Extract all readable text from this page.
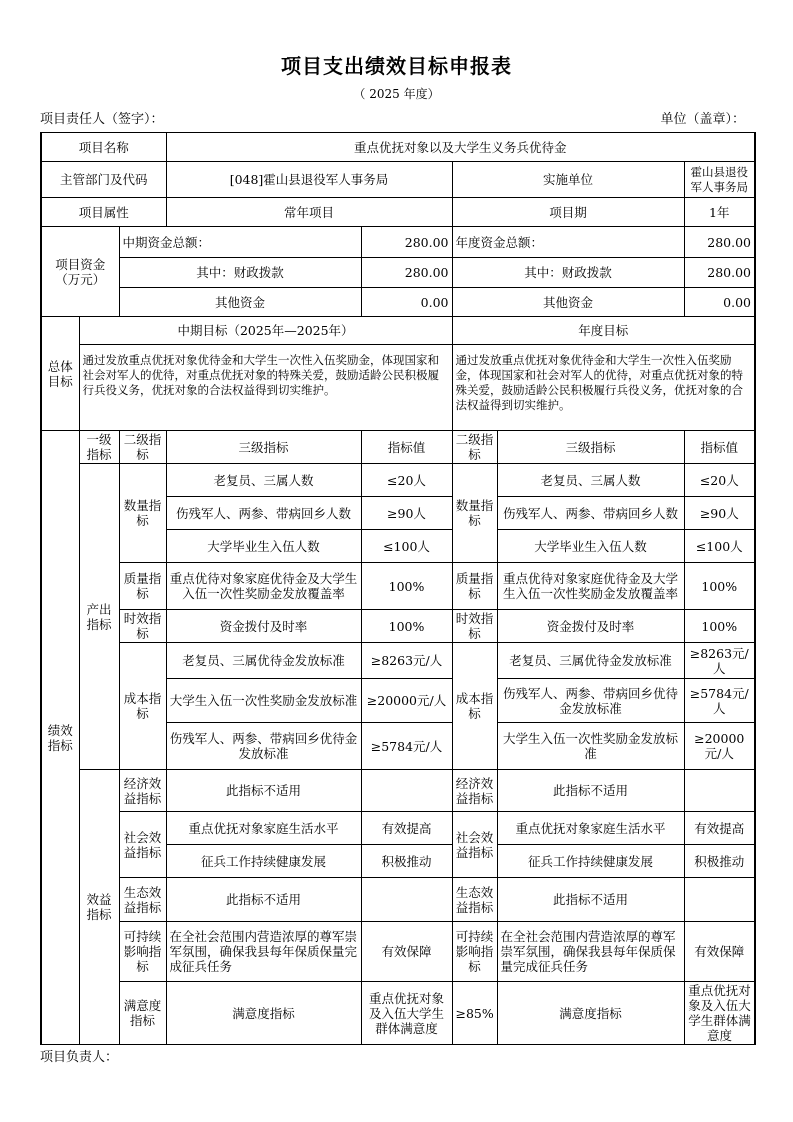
项目支出绩效目标申报表
（ 2025 年度）
项目责任人（签字）：	单位（盖章）：
项目名称			重点优抚对象以及大学生义务兵优待金					
主管部门及代码			[048]霍山县退役军人事务局		实施单位		霍山县退役军人事务局	
项目属性			常年项目		项目期		1年	
项目资金（万元）		中期资金总额：		280.00	年度资金总额：		280.00	
		其中：财政拨款		280.00	其中：财政拨款		280.00	
		其他资金		0.00	其他资金		0.00	
总体目标	中期目标（2025年—2025年）				年度目标			
	通过发放重点优抚对象优待金和大学生一次性入伍奖励金，体现国家和社会对军人的优待，对重点优抚对象的特殊关爱，鼓励适龄公民积极履行兵役义务，优抚对象的合法权益得到切实维护。				通过发放重点优抚对象优待金和大学生一次性入伍奖励金，体现国家和社会对军人的优待，对重点优抚对象的特殊关爱，鼓励适龄公民积极履行兵役义务，优抚对象的合法权益得到切实维护。			
绩效指标	一级指标	二级指标	三级指标	指标值	二级指标	三级指标	指标值	
	产出指标	数量指标	老复员、三属人数	≤20人	数量指标	老复员、三属人数	≤20人	
			伤残军人、两参、带病回乡人数	≥90人		伤残军人、两参、带病回乡人数	≥90人	
			大学毕业生入伍人数	≤100人		大学毕业生入伍人数	≤100人	
		质量指标	重点优待对象家庭优待金及大学生入伍一次性奖励金发放覆盖率	100%	质量指标	重点优待对象家庭优待金及大学生入伍一次性奖励金发放覆盖率	100%	
		时效指标	资金拨付及时率	100%	时效指标	资金拨付及时率	100%	
		成本指标	老复员、三属优待金发放标准	≥8263元/人	成本指标	老复员、三属优待金发放标准	≥8263元/人	
			大学生入伍一次性奖励金发放标准	≥20000元/人		伤残军人、两参、带病回乡优待金发放标准	≥5784元/人	
			伤残军人、两参、带病回乡优待金发放标准	≥5784元/人		大学生入伍一次性奖励金发放标准	≥20000元/人	
	效益指标	经济效益指标	此指标不适用		经济效益指标	此指标不适用		
		社会效益指标	重点优抚对象家庭生活水平	有效提高	社会效益指标	重点优抚对象家庭生活水平	有效提高	
			征兵工作持续健康发展	积极推动		征兵工作持续健康发展	积极推动	
		生态效益指标	此指标不适用		生态效益指标	此指标不适用		
		可持续影响指标	在全社会范围内营造浓厚的尊军崇军氛围，确保我县每年保质保量完成征兵任务	有效保障	可持续影响指标	在全社会范围内营造浓厚的尊军崇军氛围，确保我县每年保质保量完成征兵任务	有效保障	
		满意度指标	满意度指标	重点优抚对象及入伍大学生群体满意度	≥85%	满意度指标	重点优抚对象及入伍大学生群体满意度	
项目负责人：
